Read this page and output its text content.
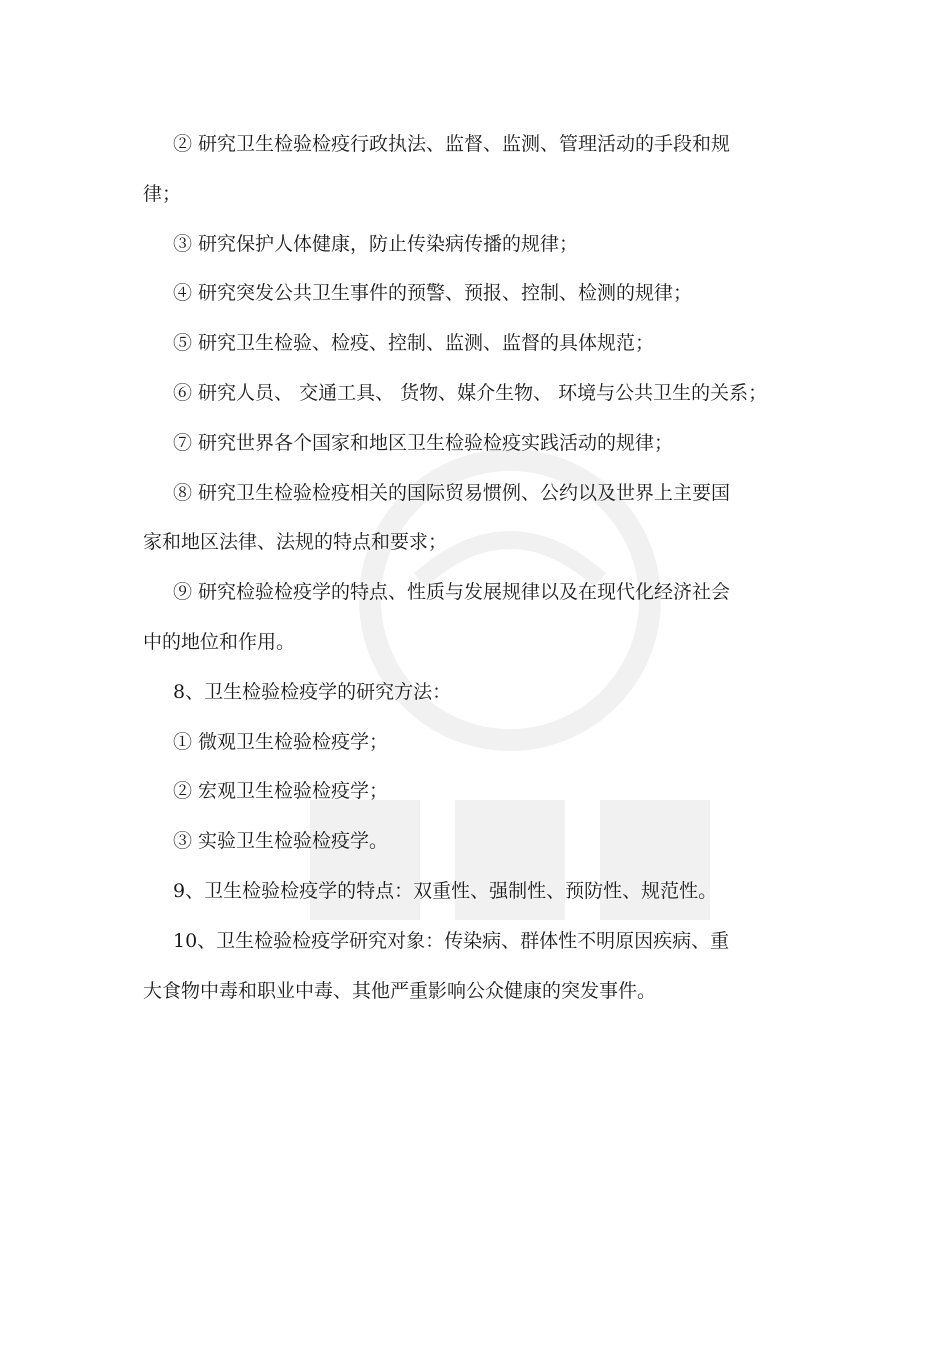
② 研究卫生检验检疫行政执法、监督、监测、管理活动的手段和规
律；
③ 研究保护人体健康，防止传染病传播的规律；
④ 研究突发公共卫生事件的预警、预报、控制、检测的规律；
⑤ 研究卫生检验、检疫、控制、监测、监督的具体规范；
⑥ 研究人员、 交通工具、 货物、媒介生物、 环境与公共卫生的关系；
⑦ 研究世界各个国家和地区卫生检验检疫实践活动的规律；
⑧ 研究卫生检验检疫相关的国际贸易惯例、公约以及世界上主要国
家和地区法律、法规的特点和要求；
⑨ 研究检验检疫学的特点、性质与发展规律以及在现代化经济社会
中的地位和作用。
8、卫生检验检疫学的研究方法：
① 微观卫生检验检疫学；
② 宏观卫生检验检疫学；
③ 实验卫生检验检疫学。
9、卫生检验检疫学的特点：双重性、强制性、预防性、规范性。
10、卫生检验检疫学研究对象：传染病、群体性不明原因疾病、重
大食物中毒和职业中毒、其他严重影响公众健康的突发事件。
